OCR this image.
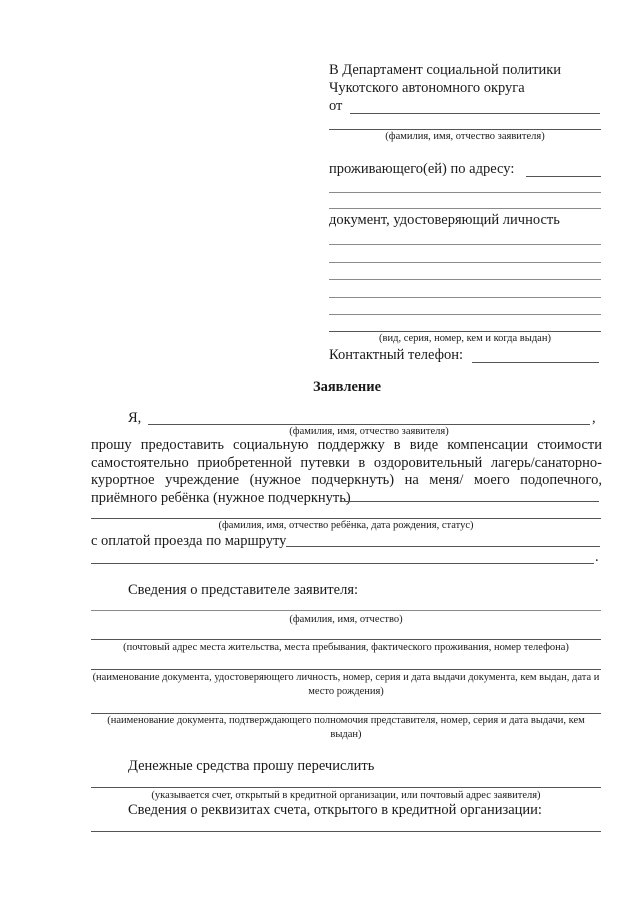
В Департамент социальной политики
Чукотского автономного округа
от
(фамилия, имя, отчество заявителя)
проживающего(ей) по адресу:
документ, удостоверяющий личность
(вид, серия, номер, кем и когда выдан)
Контактный телефон:
Заявление
Я,	,
(фамилия, имя, отчество заявителя)
прошу предоставить социальную поддержку в виде компенсации стоимости самостоятельно приобретенной путевки в оздоровительный лагерь/санаторно-курортное учреждение (нужное подчеркнуть) на меня/ моего подопечного, приёмного ребёнка (нужное подчеркнуть)
(фамилия, имя, отчество ребёнка, дата рождения, статус)
с оплатой проезда по маршруту
.
Сведения о представителе заявителя:
(фамилия, имя, отчество)
(почтовый адрес места жительства, места пребывания, фактического проживания, номер телефона)
(наименование документа, удостоверяющего личность, номер, серия и дата выдачи документа, кем выдан, дата и место рождения)
(наименование документа, подтверждающего полномочия представителя, номер, серия и дата выдачи, кем выдан)
Денежные средства прошу перечислить
(указывается счет, открытый в кредитной организации, или почтовый адрес заявителя)
Сведения о реквизитах счета, открытого в кредитной организации:
